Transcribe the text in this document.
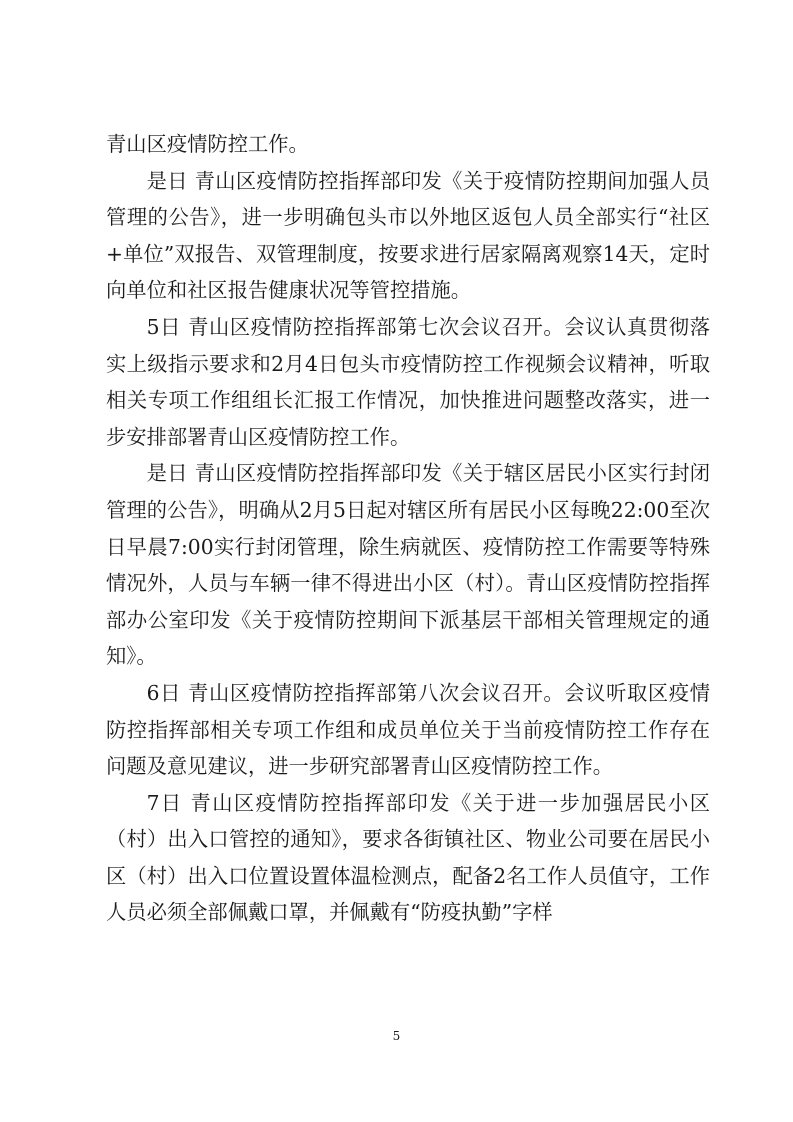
青山区疫情防控工作。

是日 青山区疫情防控指挥部印发《关于疫情防控期间加强人员管理的公告》，进一步明确包头市以外地区返包人员全部实行“社区+单位”双报告、双管理制度，按要求进行居家隔离观察14天，定时向单位和社区报告健康状况等管控措施。

5日 青山区疫情防控指挥部第七次会议召开。会议认真贯彻落实上级指示要求和2月4日包头市疫情防控工作视频会议精神，听取相关专项工作组组长汇报工作情况，加快推进问题整改落实，进一步安排部署青山区疫情防控工作。

是日 青山区疫情防控指挥部印发《关于辖区居民小区实行封闭管理的公告》，明确从2月5日起对辖区所有居民小区每晚22:00至次日早晨7:00实行封闭管理，除生病就医、疫情防控工作需要等特殊情况外，人员与车辆一律不得进出小区（村）。青山区疫情防控指挥部办公室印发《关于疫情防控期间下派基层干部相关管理规定的通知》。

6日 青山区疫情防控指挥部第八次会议召开。会议听取区疫情防控指挥部相关专项工作组和成员单位关于当前疫情防控工作存在问题及意见建议，进一步研究部署青山区疫情防控工作。

7日 青山区疫情防控指挥部印发《关于进一步加强居民小区（村）出入口管控的通知》，要求各街镇社区、物业公司要在居民小区（村）出入口位置设置体温检测点，配备2名工作人员值守，工作人员必须全部佩戴口罩，并佩戴有“防疫执勤”字样

5
